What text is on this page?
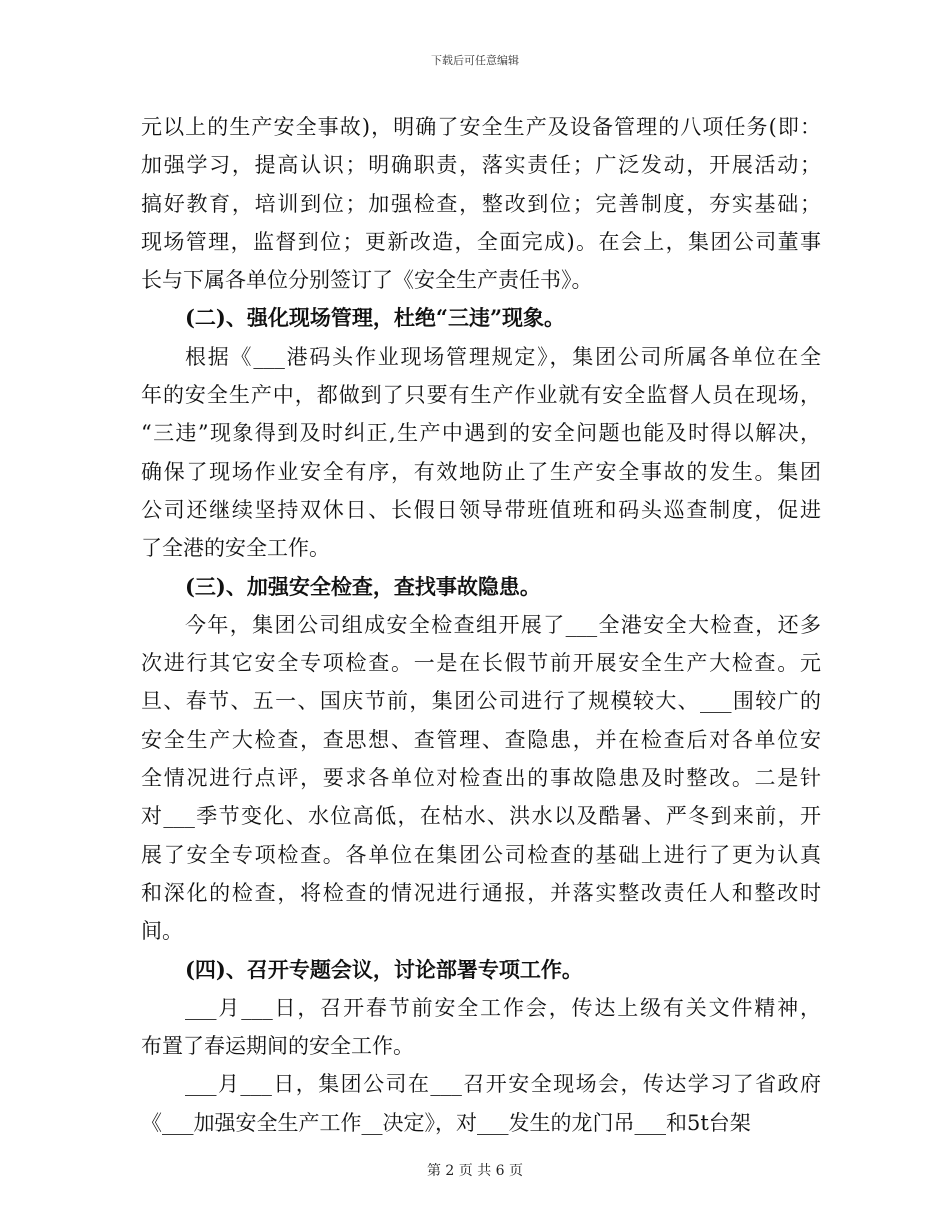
下载后可任意编辑
元以上的生产安全事故)，明确了安全生产及设备管理的八项任务(即：
加强学习，提高认识；明确职责，落实责任；广泛发动，开展活动；
搞好教育，培训到位；加强检查，整改到位；完善制度，夯实基础；
现场管理，监督到位；更新改造，全面完成)。在会上，集团公司董事
长与下属各单位分别签订了《安全生产责任书》。
(二)、强化现场管理，杜绝“三违”现象。
根据《___港码头作业现场管理规定》，集团公司所属各单位在全
年的安全生产中，都做到了只要有生产作业就有安全监督人员在现场，
“三违”现象得到及时纠正,生产中遇到的安全问题也能及时得以解决，
确保了现场作业安全有序，有效地防止了生产安全事故的发生。集团
公司还继续坚持双休日、长假日领导带班值班和码头巡查制度，促进
了全港的安全工作。
(三)、加强安全检查，查找事故隐患。
今年，集团公司组成安全检查组开展了___全港安全大检查，还多
次进行其它安全专项检查。一是在长假节前开展安全生产大检查。元
旦、春节、五一、国庆节前，集团公司进行了规模较大、___围较广的
安全生产大检查，查思想、查管理、查隐患，并在检查后对各单位安
全情况进行点评，要求各单位对检查出的事故隐患及时整改。二是针
对___季节变化、水位高低，在枯水、洪水以及酷暑、严冬到来前，开
展了安全专项检查。各单位在集团公司检查的基础上进行了更为认真
和深化的检查，将检查的情况进行通报，并落实整改责任人和整改时
间。
(四)、召开专题会议，讨论部署专项工作。
___月___日，召开春节前安全工作会，传达上级有关文件精神，
布置了春运期间的安全工作。
___月___日，集团公司在___召开安全现场会，传达学习了省政府
《___加强安全生产工作__决定》，对___发生的龙门吊___和5t台架
第 2 页 共 6 页
